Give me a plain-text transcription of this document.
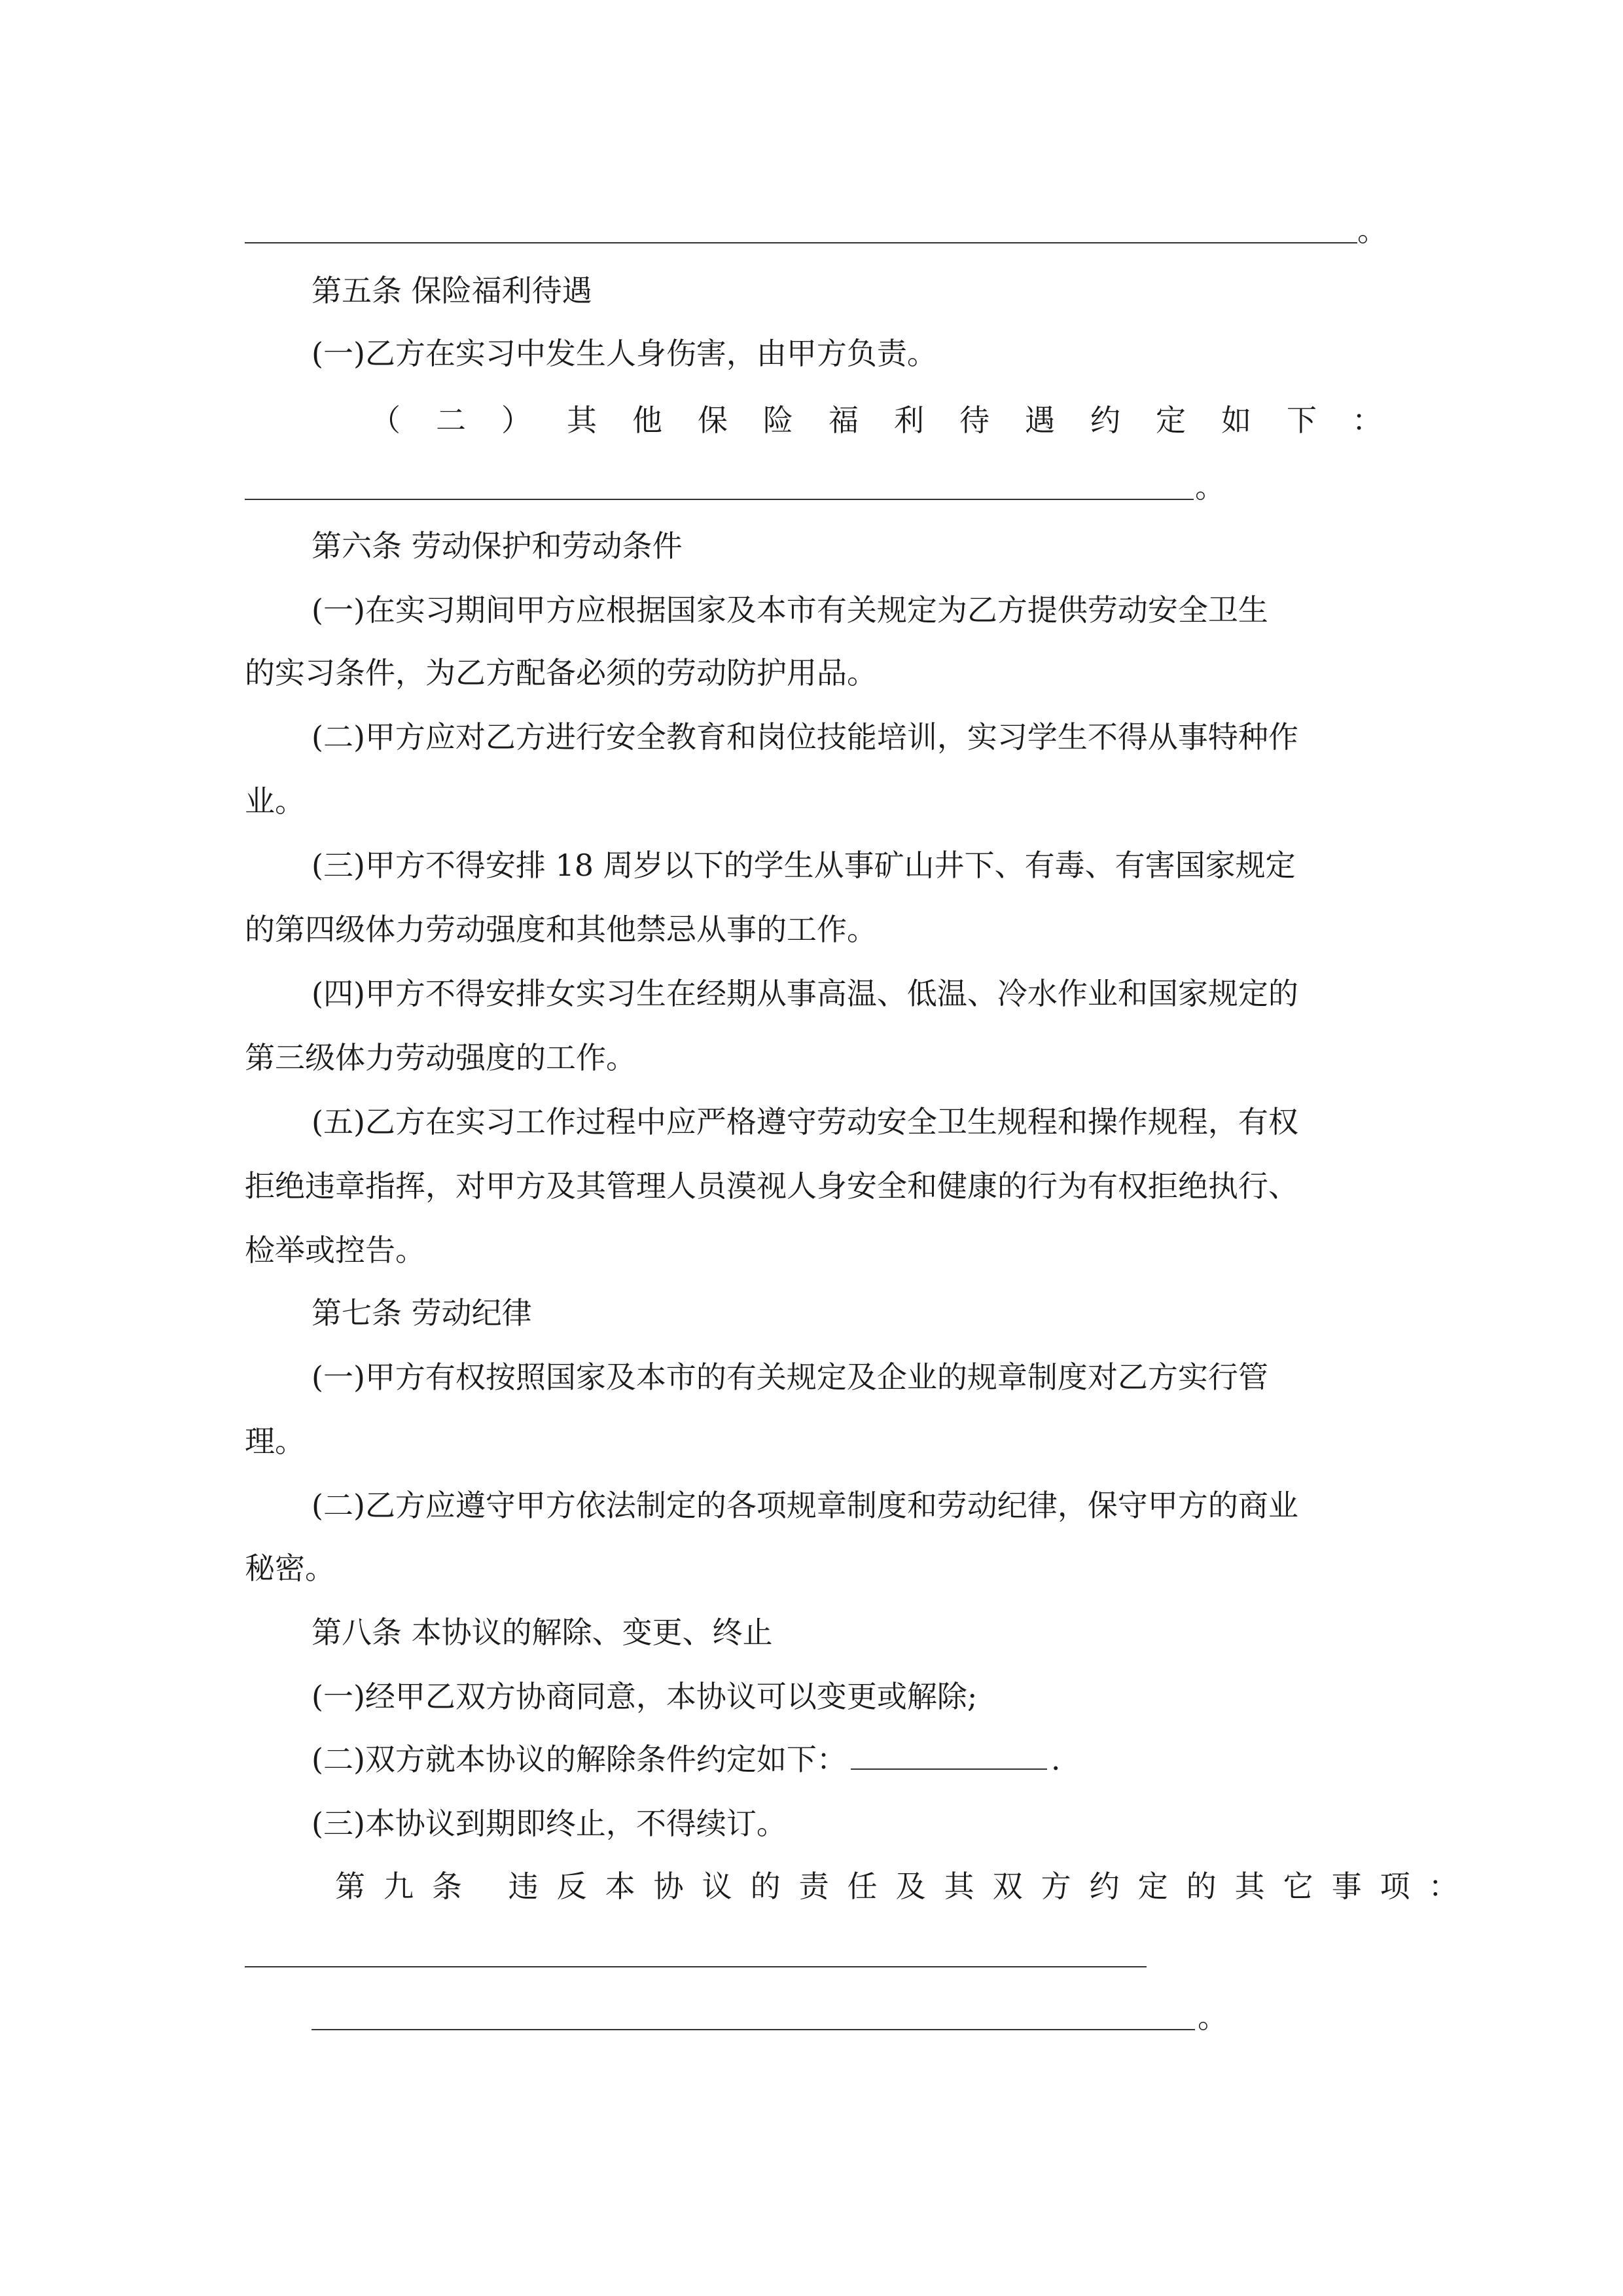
。
第五条 保险福利待遇
(一)乙方在实习中发生人身伤害，由甲方负责。
（二）其他保险福利待遇约定如下：
。
第六条 劳动保护和劳动条件
(一)在实习期间甲方应根据国家及本市有关规定为乙方提供劳动安全卫生
的实习条件，为乙方配备必须的劳动防护用品。
(二)甲方应对乙方进行安全教育和岗位技能培训，实习学生不得从事特种作
业。
(三)甲方不得安排 18 周岁以下的学生从事矿山井下、有毒、有害国家规定
的第四级体力劳动强度和其他禁忌从事的工作。
(四)甲方不得安排女实习生在经期从事高温、低温、冷水作业和国家规定的
第三级体力劳动强度的工作。
(五)乙方在实习工作过程中应严格遵守劳动安全卫生规程和操作规程，有权
拒绝违章指挥，对甲方及其管理人员漠视人身安全和健康的行为有权拒绝执行、
检举或控告。
第七条 劳动纪律
(一)甲方有权按照国家及本市的有关规定及企业的规章制度对乙方实行管
理。
(二)乙方应遵守甲方依法制定的各项规章制度和劳动纪律，保守甲方的商业
秘密。
第八条 本协议的解除、变更、终止
(一)经甲乙双方协商同意，本协议可以变更或解除;
(二)双方就本协议的解除条件约定如下：	.
(三)本协议到期即终止，不得续订。
第九条 违反本协议的责任及其双方约定的其它事项：
。
